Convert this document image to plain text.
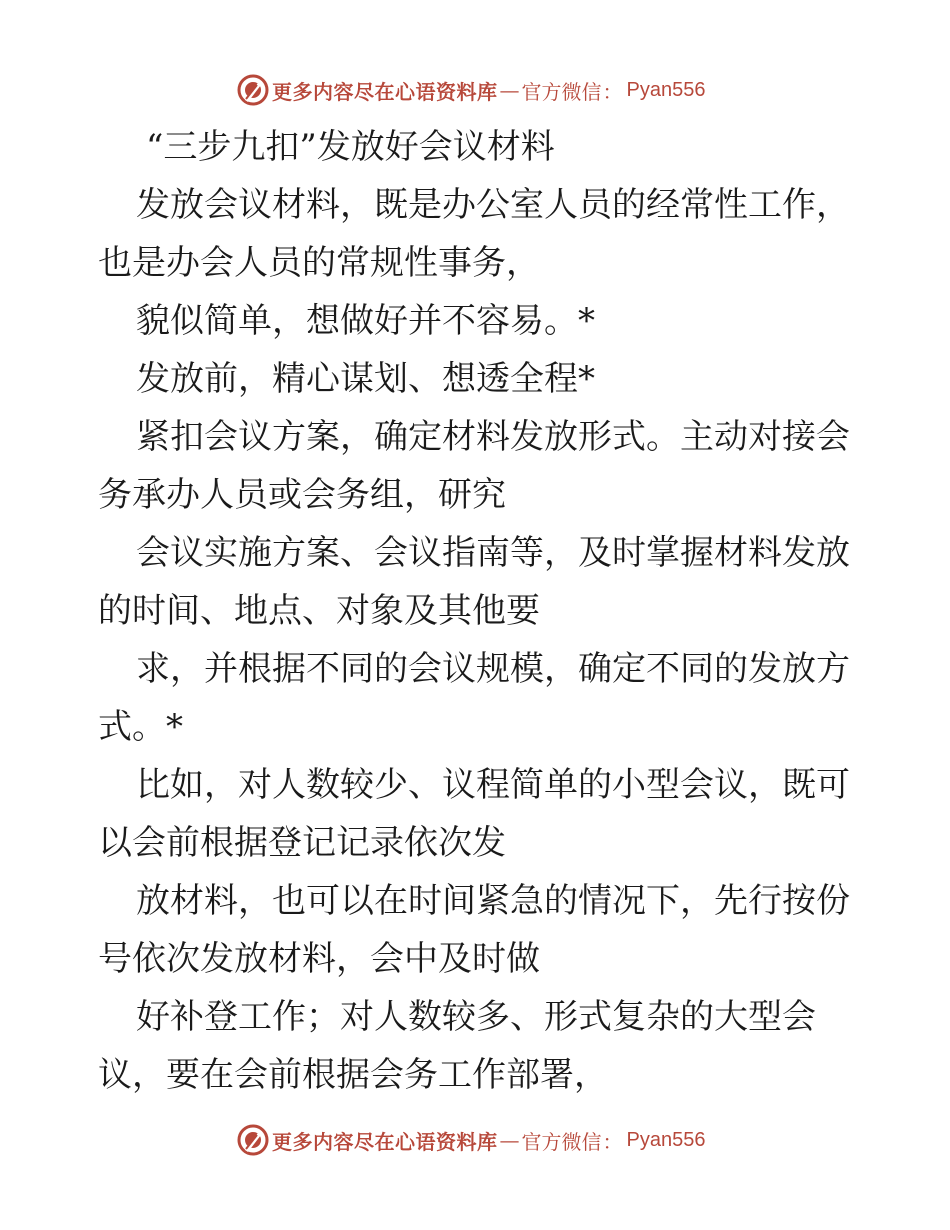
更多内容尽在心语资料库 — 官方微信 ： Pyan556

“三步九扣”发放好会议材料

发放会议材料，既是办公室人员的经常性工作，也是办会人员的常规性事务，

貌似简单，想做好并不容易。*

发放前，精心谋划、想透全程*

紧扣会议方案，确定材料发放形式。主动对接会务承办人员或会务组，研究

会议实施方案、会议指南等，及时掌握材料发放的时间、地点、对象及其他要

求，并根据不同的会议规模，确定不同的发放方式。*

比如，对人数较少、议程简单的小型会议，既可以会前根据登记记录依次发

放材料，也可以在时间紧急的情况下，先行按份号依次发放材料，会中及时做

好补登工作；对人数较多、形式复杂的大型会议，要在会前根据会务工作部署，

更多内容尽在心语资料库 — 官方微信 ： Pyan556
